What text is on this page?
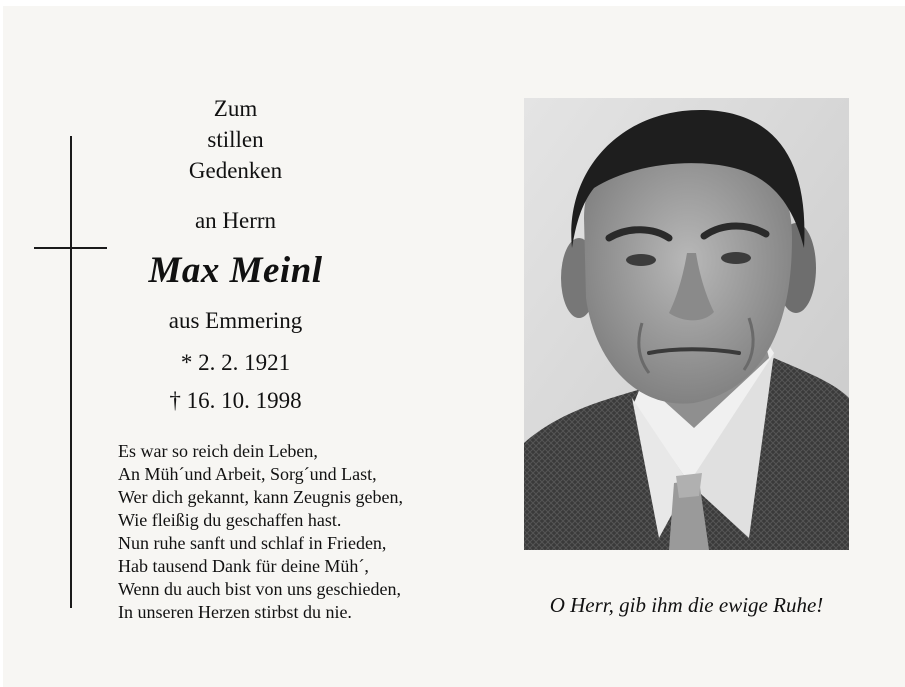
Zum
stillen
Gedenken
an Herrn
Max Meinl
aus Emmering
* 2. 2. 1921
† 16. 10. 1998
Es war so reich dein Leben,
An Müh´und Arbeit, Sorg´und Last,
Wer dich gekannt, kann Zeugnis geben,
Wie fleißig du geschaffen hast.
Nun ruhe sanft und schlaf in Frieden,
Hab tausend Dank für deine Müh´,
Wenn du auch bist von uns geschieden,
In unseren Herzen stirbst du nie.	O Herr, gib ihm die ewige Ruhe!
